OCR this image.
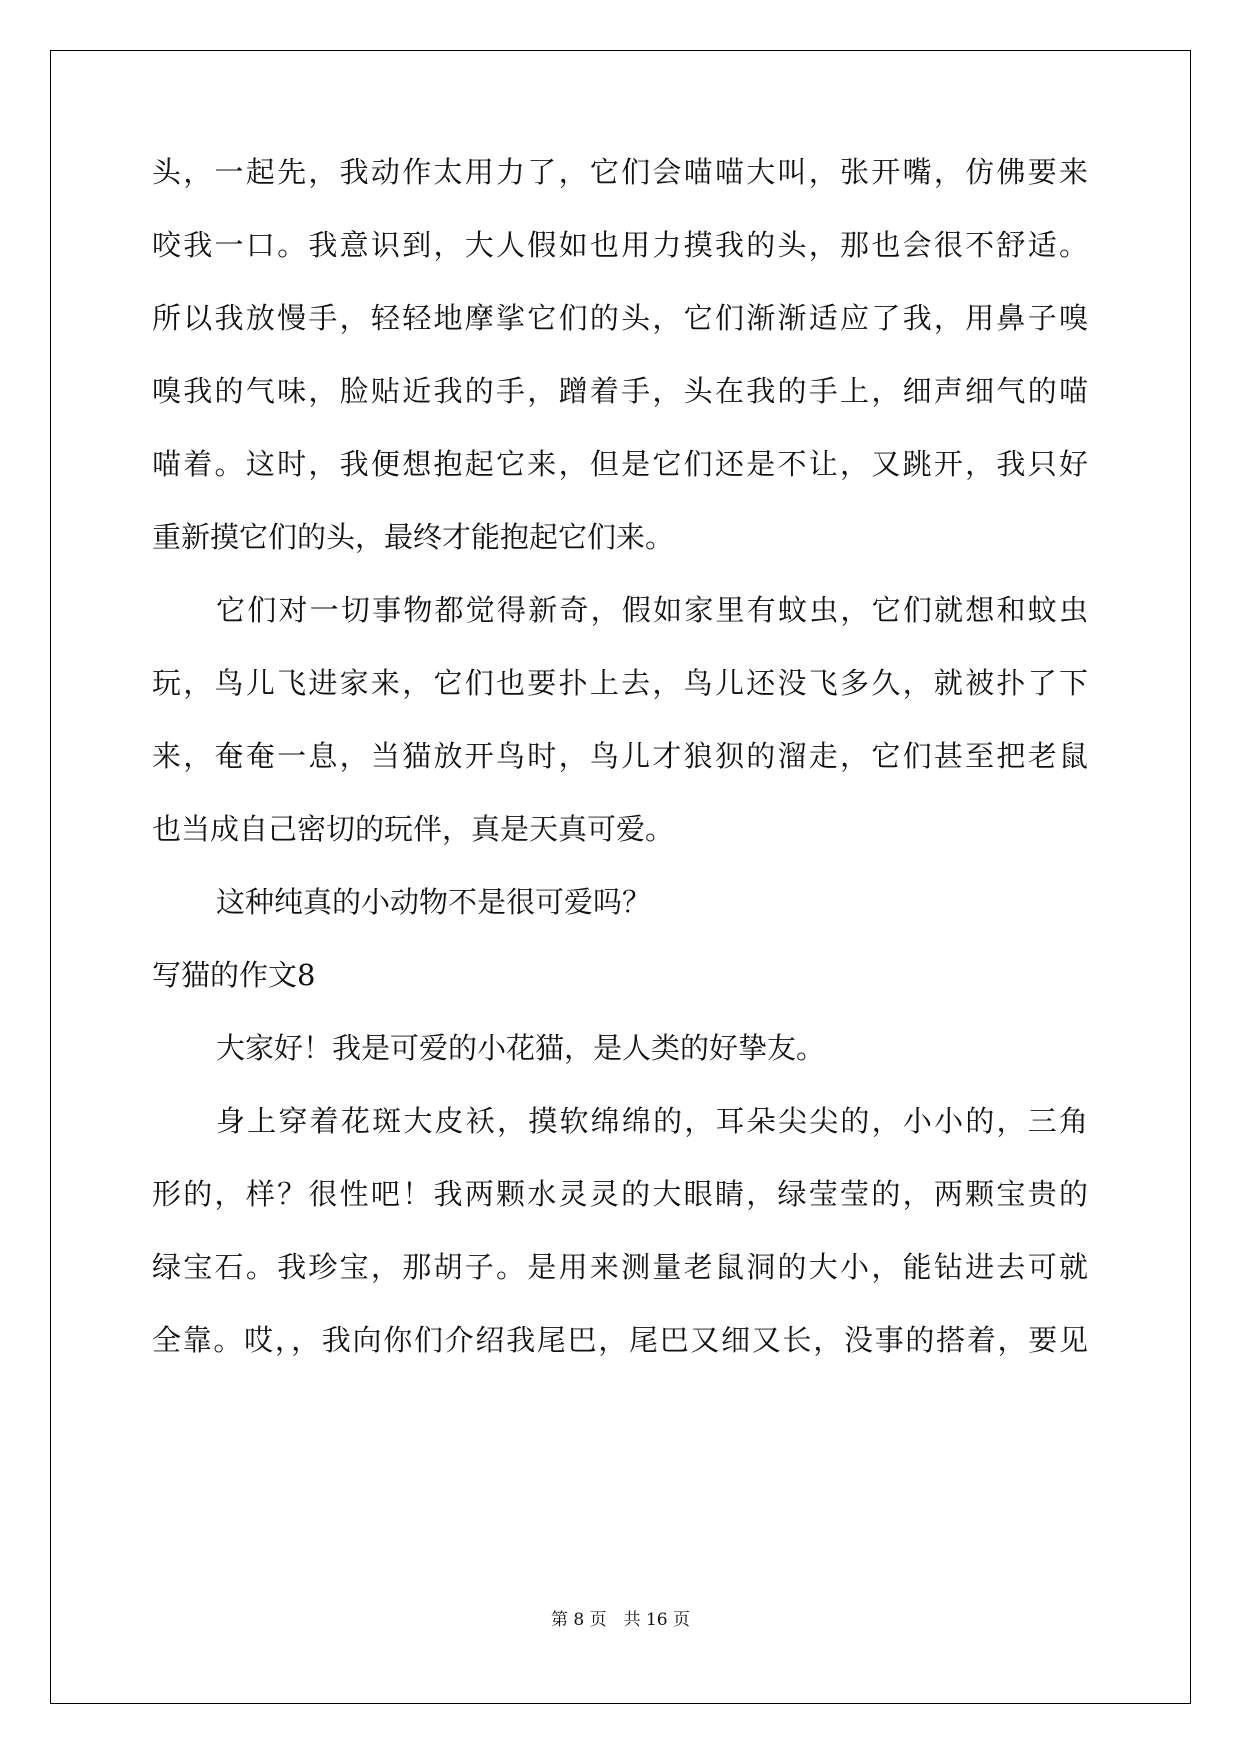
头，一起先，我动作太用力了，它们会喵喵大叫，张开嘴，仿佛要来
咬我一口。我意识到，大人假如也用力摸我的头，那也会很不舒适。
所以我放慢手，轻轻地摩挲它们的头，它们渐渐适应了我，用鼻子嗅
嗅我的气味，脸贴近我的手，蹭着手，头在我的手上，细声细气的喵
喵着。这时，我便想抱起它来，但是它们还是不让，又跳开，我只好
重新摸它们的头，最终才能抱起它们来。
它们对一切事物都觉得新奇，假如家里有蚊虫，它们就想和蚊虫
玩，鸟儿飞进家来，它们也要扑上去，鸟儿还没飞多久，就被扑了下
来，奄奄一息，当猫放开鸟时，鸟儿才狼狈的溜走，它们甚至把老鼠
也当成自己密切的玩伴，真是天真可爱。
这种纯真的小动物不是很可爱吗？
写猫的作文8
大家好！我是可爱的小花猫，是人类的好挚友。
身上穿着花斑大皮袄，摸软绵绵的，耳朵尖尖的，小小的，三角
形的，样？很性吧！我两颗水灵灵的大眼睛，绿莹莹的，两颗宝贵的
绿宝石。我珍宝，那胡子。是用来测量老鼠洞的大小，能钻进去可就
全靠。哎，，我向你们介绍我尾巴，尾巴又细又长，没事的搭着，要见
第 8 页　共 16 页
